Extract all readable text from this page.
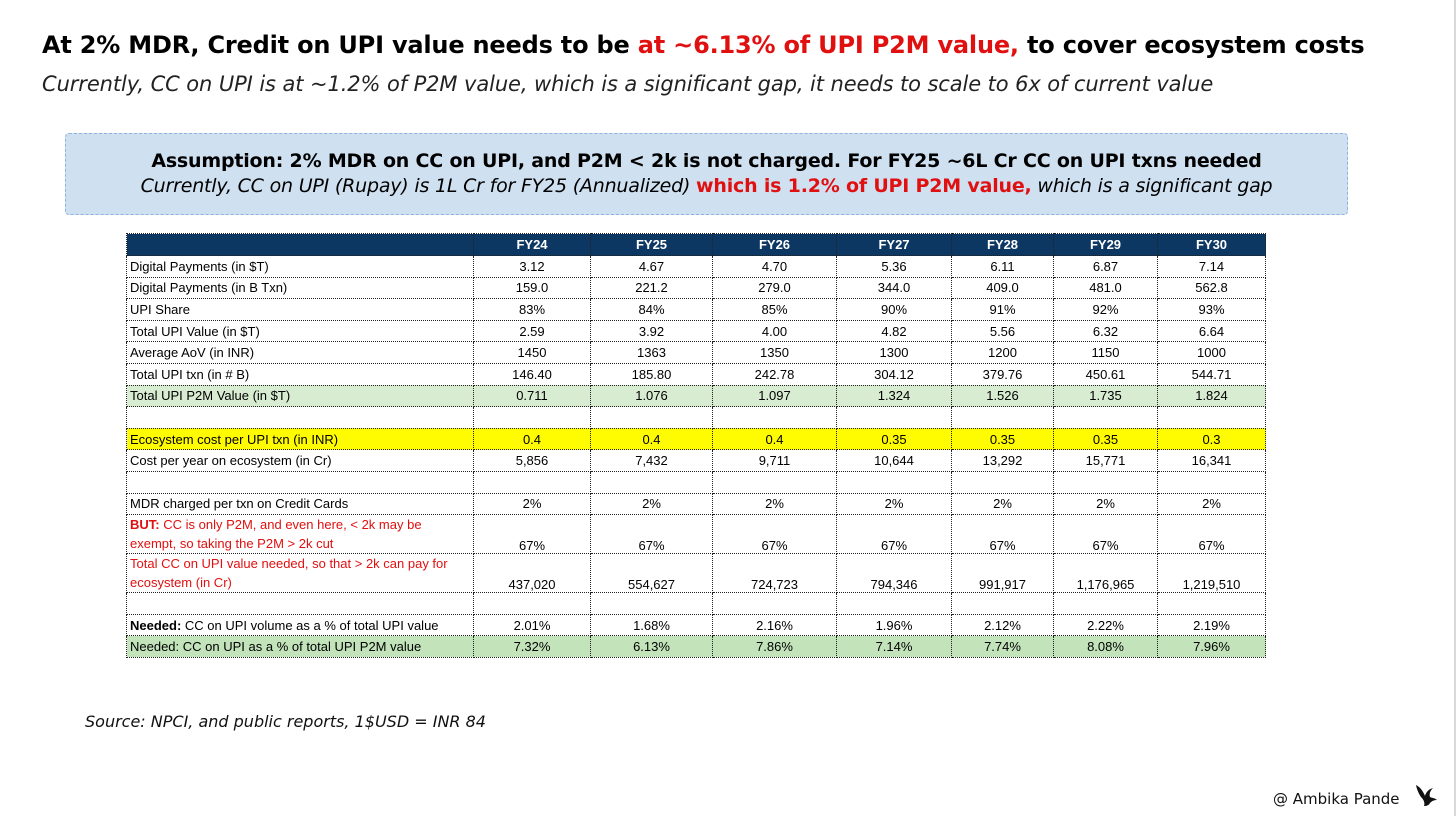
At 2% MDR, Credit on UPI value needs to be at ~6.13% of UPI P2M value, to cover ecosystem costs
Currently, CC on UPI is at ~1.2% of P2M value, which is a significant gap, it needs to scale to 6x of current value
Assumption: 2% MDR on CC on UPI, and P2M < 2k is not charged. For FY25 ~6L Cr CC on UPI txns needed
Currently, CC on UPI (Rupay) is 1L Cr for FY25 (Annualized) which is 1.2% of UPI P2M value, which is a significant gap
	FY24	FY25	FY26	FY27	FY28	FY29	FY30
Digital Payments (in $T)	3.12	4.67	4.70	5.36	6.11	6.87	7.14
Digital Payments (in B Txn)	159.0	221.2	279.0	344.0	409.0	481.0	562.8
UPI Share	83%	84%	85%	90%	91%	92%	93%
Total UPI Value (in $T)	2.59	3.92	4.00	4.82	5.56	6.32	6.64
Average AoV (in INR)	1450	1363	1350	1300	1200	1150	1000
Total UPI txn (in # B)	146.40	185.80	242.78	304.12	379.76	450.61	544.71
Total UPI P2M Value (in $T)	0.711	1.076	1.097	1.324	1.526	1.735	1.824

Ecosystem cost per UPI txn (in INR)	0.4	0.4	0.4	0.35	0.35	0.35	0.3
Cost per year on ecosystem (in Cr)	5,856	7,432	9,711	10,644	13,292	15,771	16,341

MDR charged per txn on Credit Cards	2%	2%	2%	2%	2%	2%	2%
BUT: CC is only P2M, and even here, < 2k may be exempt, so taking the P2M > 2k cut	67%	67%	67%	67%	67%	67%	67%
Total CC on UPI value needed, so that > 2k can pay for ecosystem (in Cr)	437,020	554,627	724,723	794,346	991,917	1,176,965	1,219,510

Needed: CC on UPI volume as a % of total UPI value	2.01%	1.68%	2.16%	1.96%	2.12%	2.22%	2.19%
Needed: CC on UPI as a % of total UPI P2M value	7.32%	6.13%	7.86%	7.14%	7.74%	8.08%	7.96%
Source: NPCI, and public reports, 1$USD = INR 84
@ Ambika Pande
